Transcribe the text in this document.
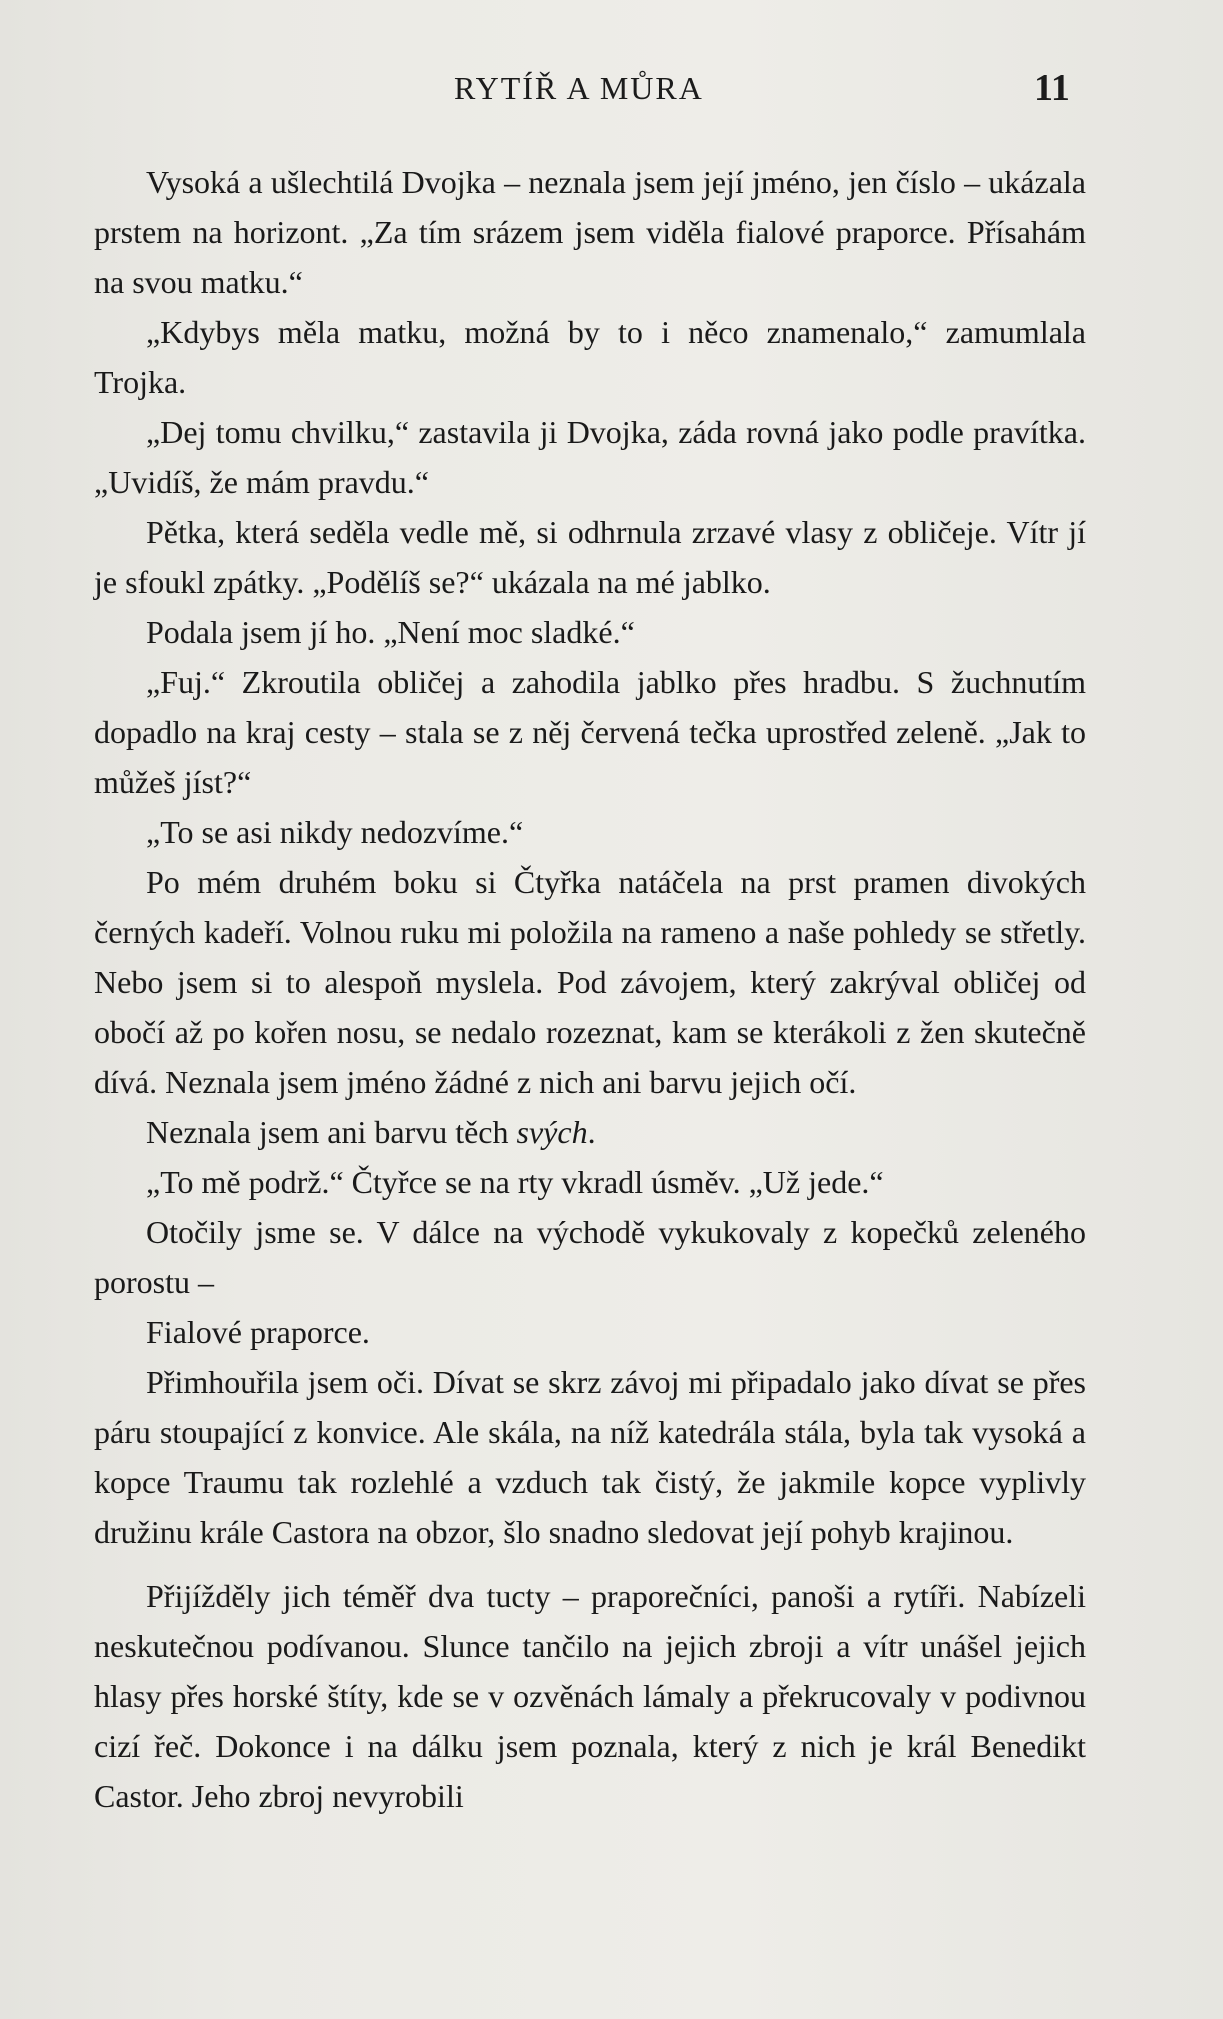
RYTÍŘ A MŮRA	11

Vysoká a ušlechtilá Dvojka – neznala jsem její jméno, jen číslo – ukázala prstem na horizont. „Za tím srázem jsem viděla fialové praporce. Přísahám na svou matku.“

„Kdybys měla matku, možná by to i něco znamenalo,“ zamumlala Trojka.

„Dej tomu chvilku,“ zastavila ji Dvojka, záda rovná jako podle pravítka. „Uvidíš, že mám pravdu.“

Pětka, která seděla vedle mě, si odhrnula zrzavé vlasy z obličeje. Vítr jí je sfoukl zpátky. „Podělíš se?“ ukázala na mé jablko.

Podala jsem jí ho. „Není moc sladké.“

„Fuj.“ Zkroutila obličej a zahodila jablko přes hradbu. S žuchnutím dopadlo na kraj cesty – stala se z něj červená tečka uprostřed zeleně. „Jak to můžeš jíst?“

„To se asi nikdy nedozvíme.“

Po mém druhém boku si Čtyřka natáčela na prst pramen divokých černých kadeří. Volnou ruku mi položila na rameno a naše pohledy se střetly. Nebo jsem si to alespoň myslela. Pod závojem, který zakrýval obličej od obočí až po kořen nosu, se nedalo rozeznat, kam se kterákoli z žen skutečně dívá. Neznala jsem jméno žádné z nich ani barvu jejich očí.

Neznala jsem ani barvu těch svých.

„To mě podrž.“ Čtyřce se na rty vkradl úsměv. „Už jede.“

Otočily jsme se. V dálce na východě vykukovaly z kopečků zeleného porostu –

Fialové praporce.

Přimhouřila jsem oči. Dívat se skrz závoj mi připadalo jako dívat se přes páru stoupající z konvice. Ale skála, na níž katedrála stála, byla tak vysoká a kopce Traumu tak rozlehlé a vzduch tak čistý, že jakmile kopce vyplivly družinu krále Castora na obzor, šlo snadno sledovat její pohyb krajinou.

Přijížděly jich téměř dva tucty – praporečníci, panoši a rytíři. Nabízeli neskutečnou podívanou. Slunce tančilo na jejich zbroji a vítr unášel jejich hlasy přes horské štíty, kde se v ozvěnách lámaly a překrucovaly v podivnou cizí řeč. Dokonce i na dálku jsem poznala, který z nich je král Benedikt Castor. Jeho zbroj nevyrobili
